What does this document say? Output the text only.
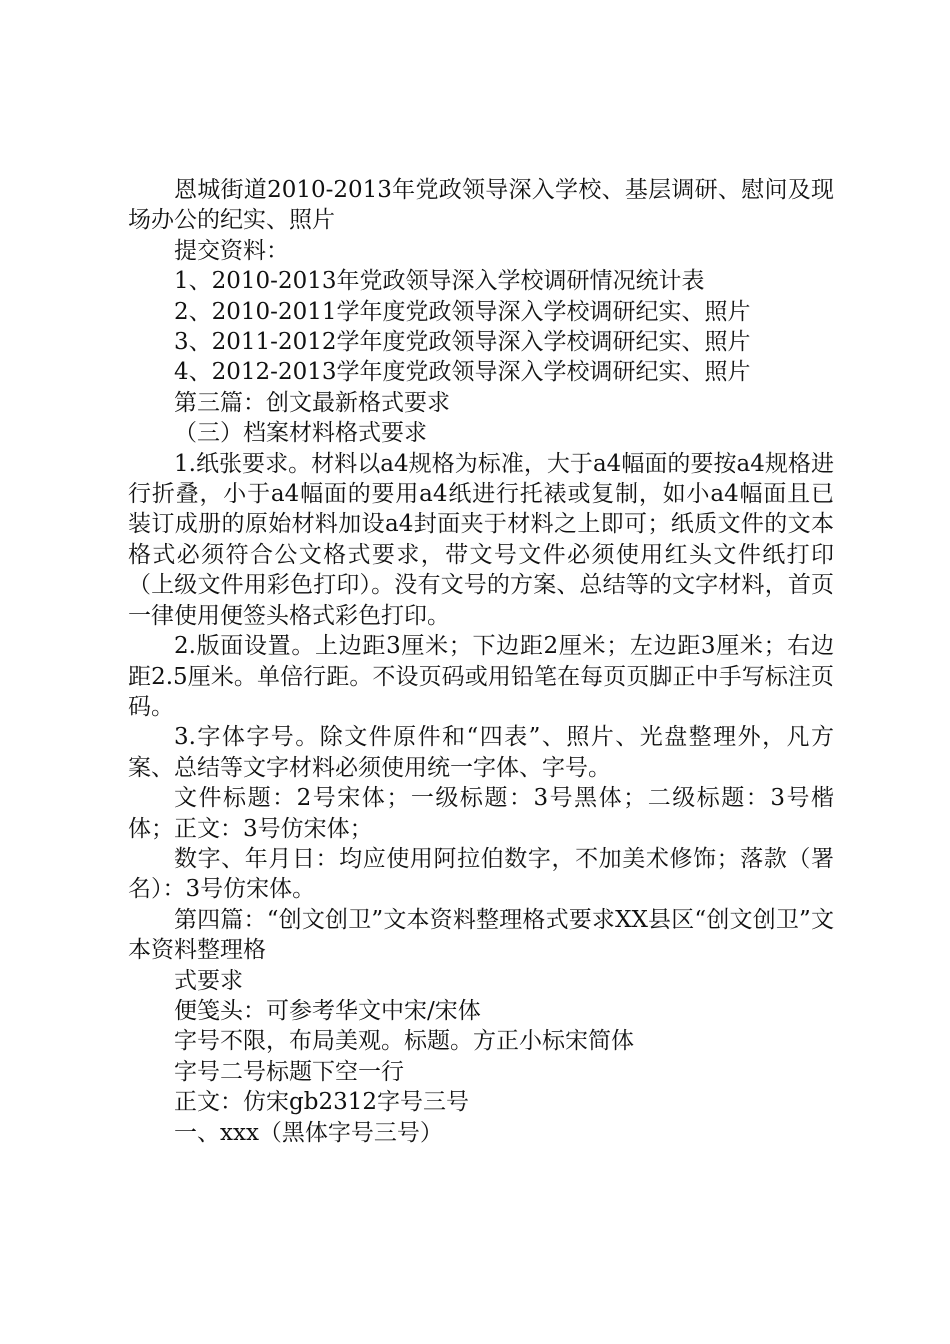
恩城街道2010-2013年党政领导深入学校、基层调研、慰问及现场办公的纪实、照片

提交资料：

1、2010-2013年党政领导深入学校调研情况统计表

2、2010-2011学年度党政领导深入学校调研纪实、照片

3、2011-2012学年度党政领导深入学校调研纪实、照片

4、2012-2013学年度党政领导深入学校调研纪实、照片

第三篇：创文最新格式要求

（三）档案材料格式要求

1.纸张要求。材料以a4规格为标准，大于a4幅面的要按a4规格进行折叠，小于a4幅面的要用a4纸进行托裱或复制，如小a4幅面且已装订成册的原始材料加设a4封面夹于材料之上即可；纸质文件的文本格式必须符合公文格式要求，带文号文件必须使用红头文件纸打印（上级文件用彩色打印）。没有文号的方案、总结等的文字材料，首页一律使用便签头格式彩色打印。

2.版面设置。上边距3厘米；下边距2厘米；左边距3厘米；右边距2.5厘米。单倍行距。不设页码或用铅笔在每页页脚正中手写标注页码。

3.字体字号。除文件原件和“四表”、照片、光盘整理外，凡方案、总结等文字材料必须使用统一字体、字号。

文件标题：2号宋体；一级标题：3号黑体；二级标题：3号楷体；正文：3号仿宋体；

数字、年月日：均应使用阿拉伯数字，不加美术修饰；落款（署名）：3号仿宋体。

第四篇：“创文创卫”文本资料整理格式要求XX县区“创文创卫”文本资料整理格

式要求

便笺头：可参考华文中宋/宋体

字号不限，布局美观。标题。方正小标宋简体

字号二号标题下空一行

正文：仿宋gb2312字号三号

一、xxx（黑体字号三号）
